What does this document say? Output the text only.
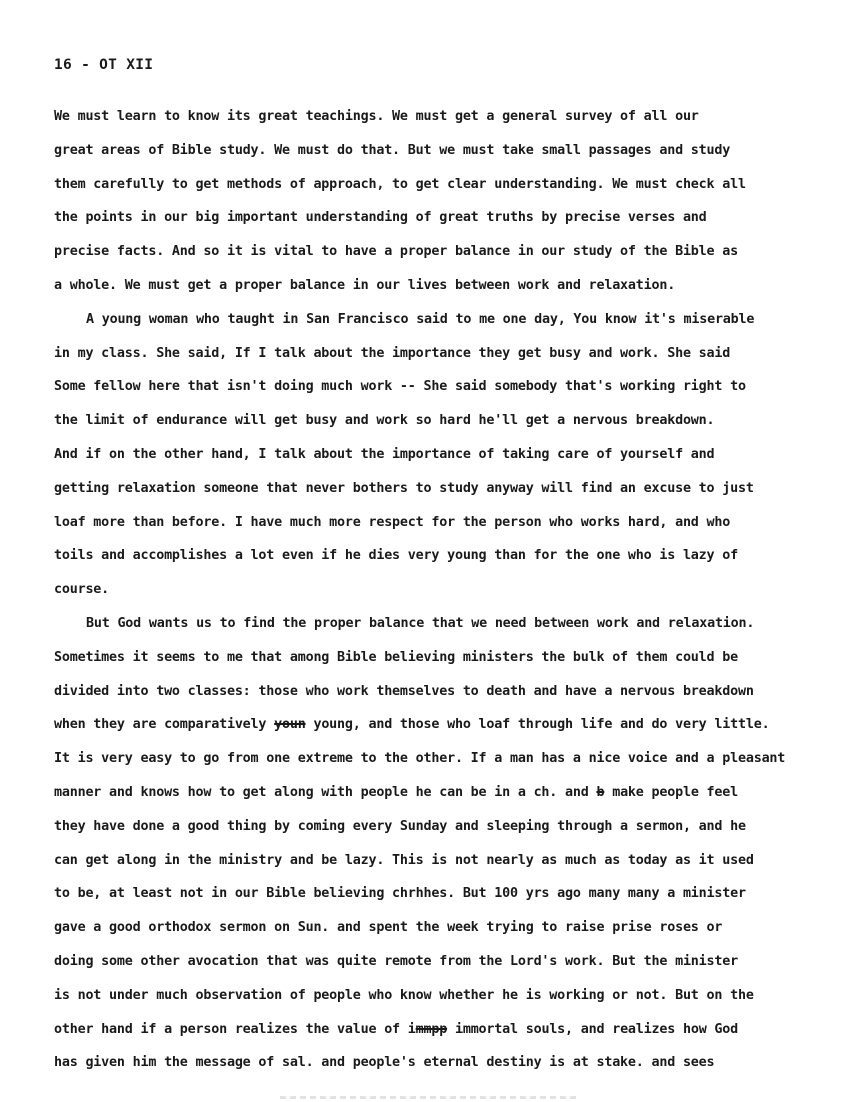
16 - OT XII
We must learn to know its great teachings. We must get a general survey of all our
great areas of Bible study. We must do that. But we must take small passages and study
them carefully to get methods of approach, to get clear understanding. We must check all
the points in our big important understanding of great truths by precise verses and
precise facts. And so it is vital to have a proper balance in our study of the Bible as
a whole. We must get a proper balance in our lives between work and relaxation.
A young woman who taught in San Francisco said to me one day, You know it's miserable
in my class. She said, If I talk about the importance they get busy and work. She said
Some fellow here that isn't doing much work -- She said somebody that's working right to
the limit of endurance will get busy and work so hard he'll get a nervous breakdown.
And if on the other hand, I talk about the importance of taking care of yourself and
getting relaxation someone that never bothers to study anyway will find an excuse to just
loaf more than before. I have much more respect for the person who works hard, and who
toils and accomplishes a lot even if he dies very young than for the one who is lazy of
course.
But God wants us to find the proper balance that we need between work and relaxation.
Sometimes it seems to me that among Bible believing ministers the bulk of them could be
divided into two classes: those who work themselves to death and have a nervous breakdown
when they are comparatively youn young, and those who loaf through life and do very little.
It is very easy to go from one extreme to the other. If a man has a nice voice and a pleasant
manner and knows how to get along with people he can be in a ch. and b make people feel
they have done a good thing by coming every Sunday and sleeping through a sermon, and he
can get along in the ministry and be lazy. This is not nearly as much as today as it used
to be, at least not in our Bible believing chrhhes. But 100 yrs ago many many a minister
gave a good orthodox sermon on Sun. and spent the week trying to raise prise roses or
doing some other avocation that was quite remote from the Lord's work. But the minister
is not under much observation of people who know whether he is working or not. But on the
other hand if a person realizes the value of immpp immortal souls, and realizes how God
has given him the message of sal. and people's eternal destiny is at stake. and sees
